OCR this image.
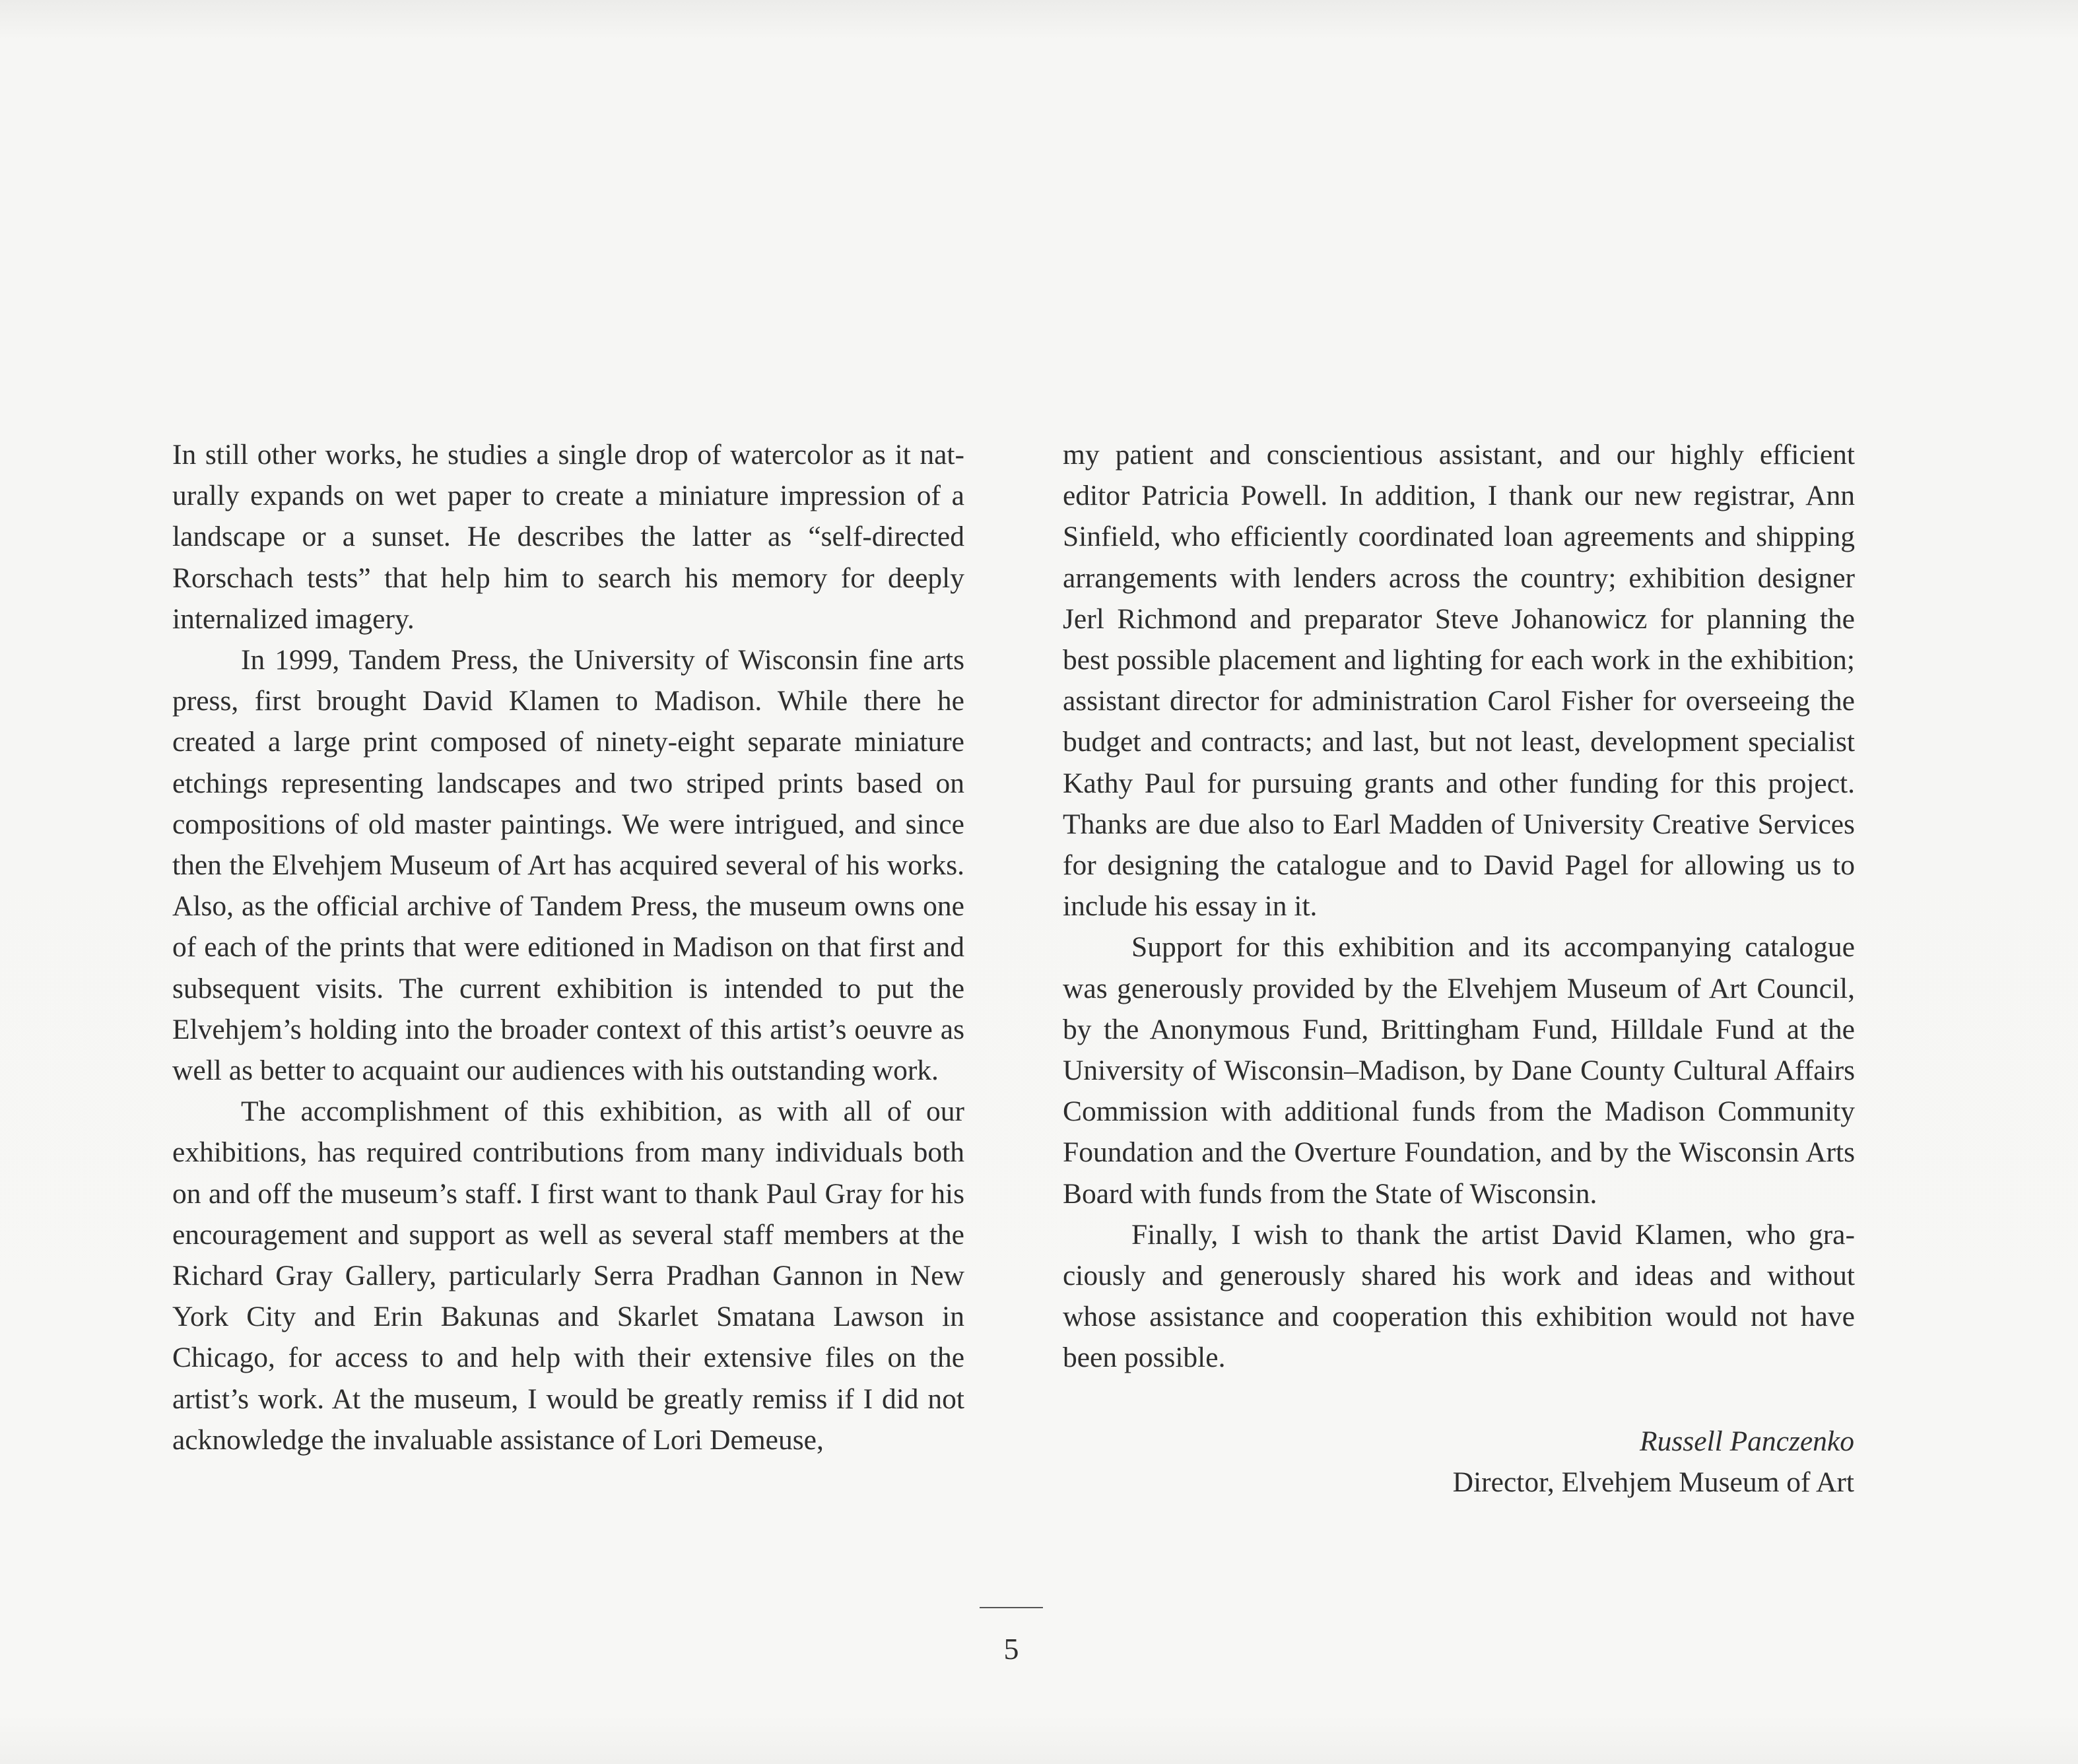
In still other works, he studies a single drop of watercolor as it naturally expands on wet paper to create a miniature impression of a landscape or a sunset. He describes the latter as “self-directed Rorschach tests” that help him to search his memory for deeply internalized imagery.

In 1999, Tandem Press, the University of Wisconsin fine arts press, first brought David Klamen to Madison. While there he created a large print composed of ninety-eight separate miniature etchings representing landscapes and two striped prints based on compositions of old master paintings. We were intrigued, and since then the Elvehjem Museum of Art has acquired several of his works. Also, as the official archive of Tandem Press, the museum owns one of each of the prints that were editioned in Madison on that first and subsequent visits. The current exhibition is intended to put the Elvehjem’s holding into the broader context of this artist’s oeuvre as well as better to acquaint our audiences with his outstanding work.

The accomplishment of this exhibition, as with all of our exhibitions, has required contributions from many individuals both on and off the museum’s staff. I first want to thank Paul Gray for his encouragement and support as well as several staff members at the Richard Gray Gallery, particularly Serra Pradhan Gannon in New York City and Erin Bakunas and Skarlet Smatana Lawson in Chicago, for access to and help with their extensive files on the artist’s work. At the museum, I would be greatly remiss if I did not acknowledge the invaluable assistance of Lori Demeuse,

my patient and conscientious assistant, and our highly efficient editor Patricia Powell. In addition, I thank our new registrar, Ann Sinfield, who efficiently coordinated loan agreements and shipping arrangements with lenders across the country; exhibition designer Jerl Richmond and preparator Steve Johanowicz for planning the best possible placement and lighting for each work in the exhibition; assistant director for administration Carol Fisher for overseeing the budget and contracts; and last, but not least, development specialist Kathy Paul for pursuing grants and other funding for this project. Thanks are due also to Earl Madden of University Creative Services for designing the catalogue and to David Pagel for allowing us to include his essay in it.

Support for this exhibition and its accompanying catalogue was generously provided by the Elvehjem Museum of Art Council, by the Anonymous Fund, Brittingham Fund, Hilldale Fund at the University of Wisconsin–Madison, by Dane County Cultural Affairs Commission with additional funds from the Madison Community Foundation and the Overture Foundation, and by the Wisconsin Arts Board with funds from the State of Wisconsin.

Finally, I wish to thank the artist David Klamen, who graciously and generously shared his work and ideas and without whose assistance and cooperation this exhibition would not have been possible.

Russell Panczenko
Director, Elvehjem Museum of Art
5
